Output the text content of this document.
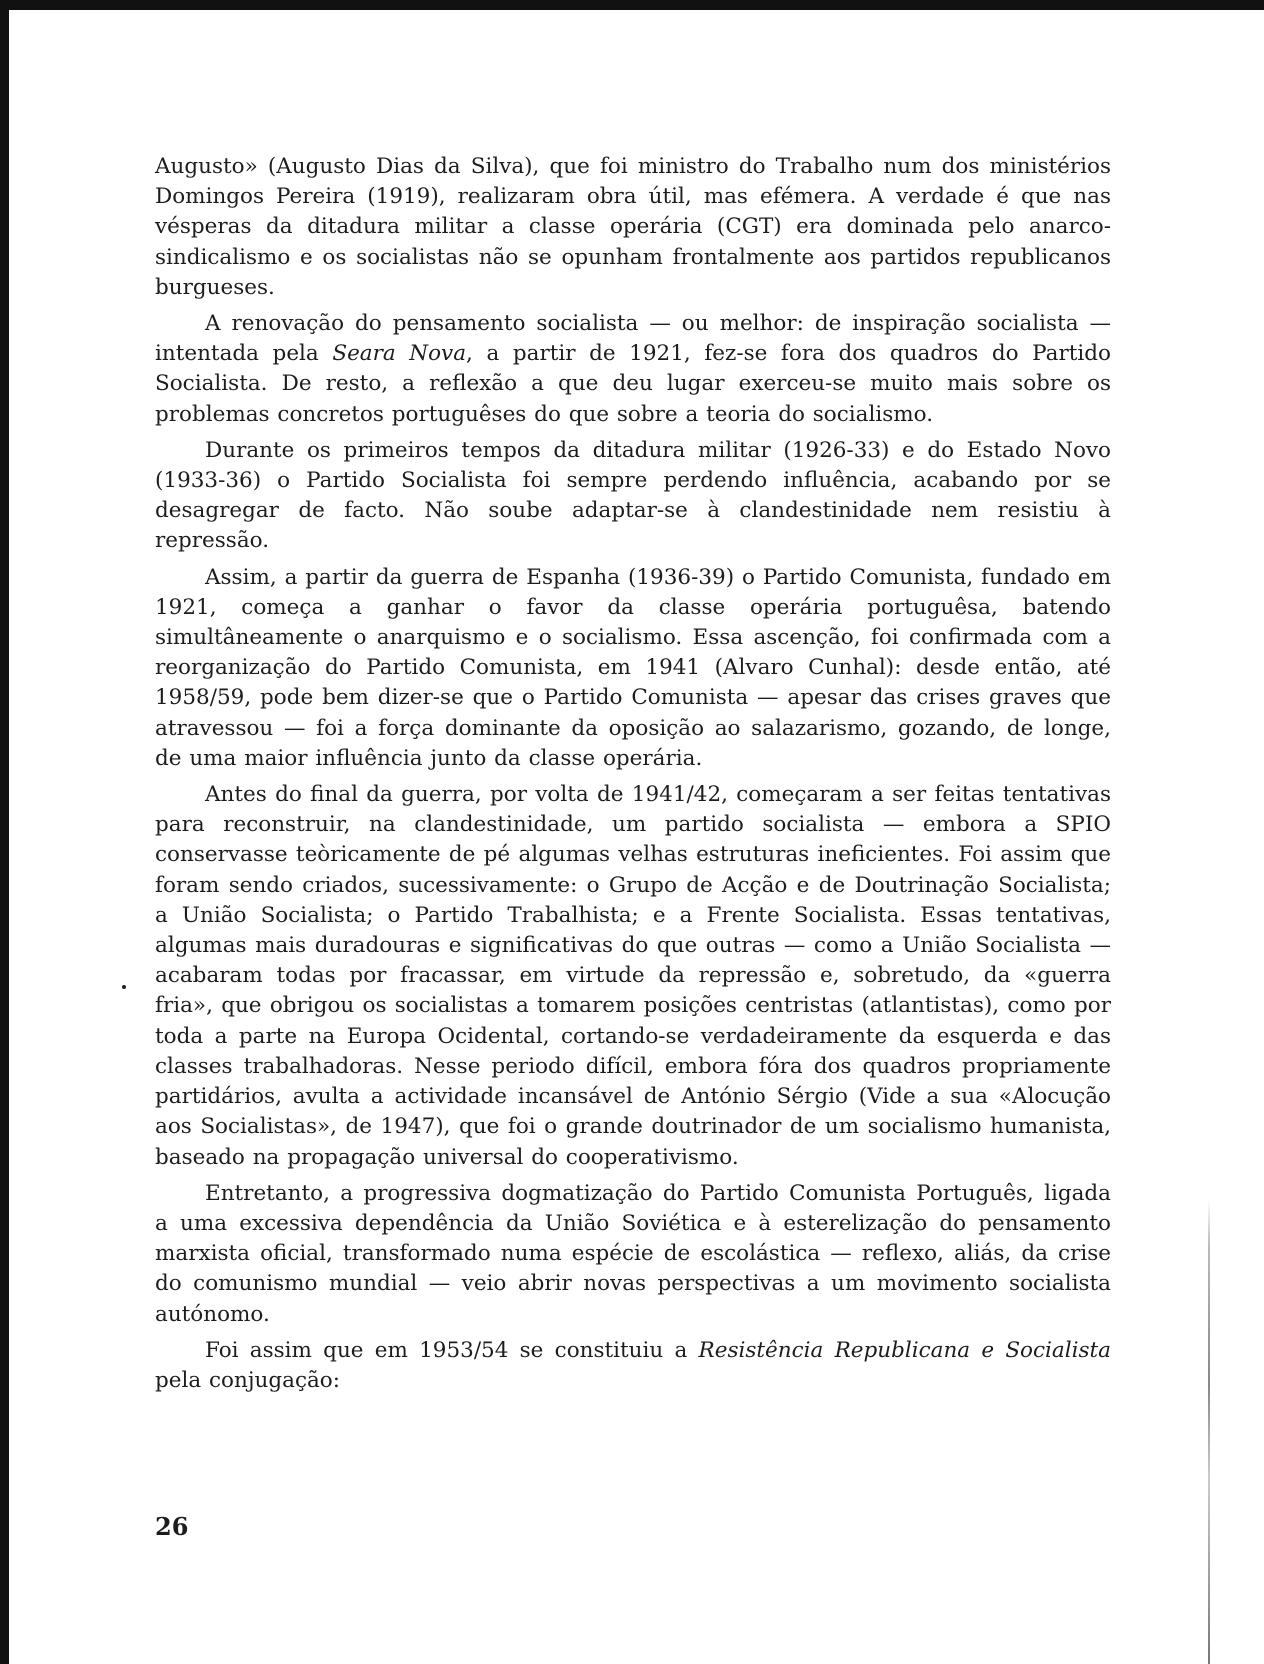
Augusto» (Augusto Dias da Silva), que foi ministro do Trabalho num dos ministérios Domingos Pereira (1919), realizaram obra útil, mas efémera. A verdade é que nas vésperas da ditadura militar a classe operária (CGT) era dominada pelo anarco-sindicalismo e os socialistas não se opunham frontalmente aos partidos republicanos burgueses.

A renovação do pensamento socialista — ou melhor: de inspiração socialista — intentada pela Seara Nova, a partir de 1921, fez-se fora dos quadros do Partido Socialista. De resto, a reflexão a que deu lugar exerceu-se muito mais sobre os problemas concretos portuguêses do que sobre a teoria do socialismo.

Durante os primeiros tempos da ditadura militar (1926-33) e do Estado Novo (1933-36) o Partido Socialista foi sempre perdendo influência, acabando por se desagregar de facto. Não soube adaptar-se à clandestinidade nem resistiu à repressão.

Assim, a partir da guerra de Espanha (1936-39) o Partido Comunista, fundado em 1921, começa a ganhar o favor da classe operária portuguêsa, batendo simultâneamente o anarquismo e o socialismo. Essa ascenção, foi confirmada com a reorganização do Partido Comunista, em 1941 (Alvaro Cunhal): desde então, até 1958/59, pode bem dizer-se que o Partido Comunista — apesar das crises graves que atravessou — foi a força dominante da oposição ao salazarismo, gozando, de longe, de uma maior influência junto da classe operária.

Antes do final da guerra, por volta de 1941/42, começaram a ser feitas tentativas para reconstruir, na clandestinidade, um partido socialista — embora a SPIO conservasse teòricamente de pé algumas velhas estruturas ineficientes. Foi assim que foram sendo criados, sucessivamente: o Grupo de Acção e de Doutrinação Socialista; a União Socialista; o Partido Trabalhista; e a Frente Socialista. Essas tentativas, algumas mais duradouras e significativas do que outras — como a União Socialista — acabaram todas por fracassar, em virtude da repressão e, sobretudo, da «guerra fria», que obrigou os socialistas a tomarem posições centristas (atlantistas), como por toda a parte na Europa Ocidental, cortando-se verdadeiramente da esquerda e das classes trabalhadoras. Nesse periodo difícil, embora fóra dos quadros propriamente partidários, avulta a actividade incansável de António Sérgio (Vide a sua «Alocução aos Socialistas», de 1947), que foi o grande doutrinador de um socialismo humanista, baseado na propagação universal do cooperativismo.

Entretanto, a progressiva dogmatização do Partido Comunista Português, ligada a uma excessiva dependência da União Soviética e à esterelização do pensamento marxista oficial, transformado numa espécie de escolástica — reflexo, aliás, da crise do comunismo mundial — veio abrir novas perspectivas a um movimento socialista autónomo.

Foi assim que em 1953/54 se constituiu a Resistência Republicana e Socialista pela conjugação:

26
